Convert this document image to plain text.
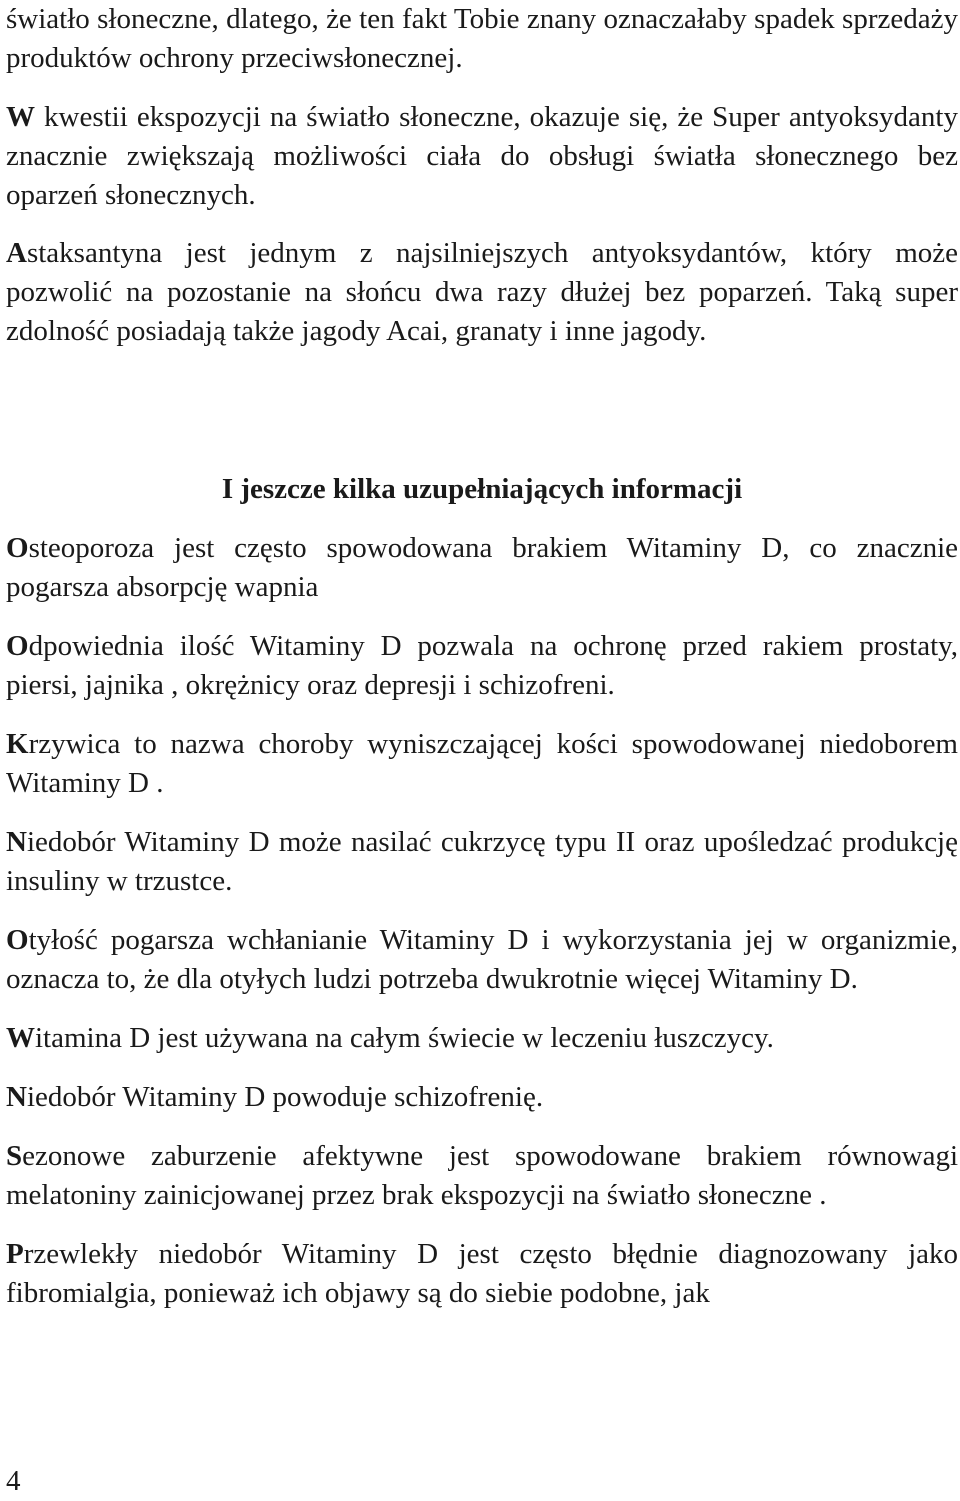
światło słoneczne, dlatego, że ten fakt Tobie znany oznaczałaby spadek sprzedaży produktów ochrony przeciwsłonecznej.

W kwestii ekspozycji na światło słoneczne, okazuje się, że Super antyoksydanty znacznie zwiększają możliwości ciała do obsługi światła słonecznego bez oparzeń słonecznych.

Astaksantyna jest jednym z najsilniejszych antyoksydantów, który może pozwolić na pozostanie na słońcu dwa razy dłużej bez poparzeń. Taką super zdolność posiadają także jagody Acai, granaty i inne jagody.

I jeszcze kilka uzupełniających informacji

Osteoporoza jest często spowodowana brakiem Witaminy D, co znacznie pogarsza absorpcję wapnia

Odpowiednia ilość Witaminy D pozwala na ochronę przed rakiem prostaty, piersi, jajnika , okrężnicy oraz depresji i schizofreni.

Krzywica to nazwa choroby wyniszczającej kości spowodowanej niedoborem Witaminy D .

Niedobór Witaminy D może nasilać cukrzycę typu II oraz upośledzać produkcję insuliny w trzustce.

Otyłość pogarsza wchłanianie Witaminy D i wykorzystania jej w organizmie, oznacza to, że dla otyłych ludzi potrzeba dwukrotnie więcej Witaminy D.

Witamina D jest używana na całym świecie w leczeniu łuszczycy.

Niedobór Witaminy D powoduje schizofrenię.

Sezonowe zaburzenie afektywne jest spowodowane brakiem równowagi melatoniny zainicjowanej przez brak ekspozycji na światło słoneczne .

Przewlekły niedobór Witaminy D jest często błędnie diagnozowany jako fibromialgia, ponieważ ich objawy są do siebie podobne, jak

4
